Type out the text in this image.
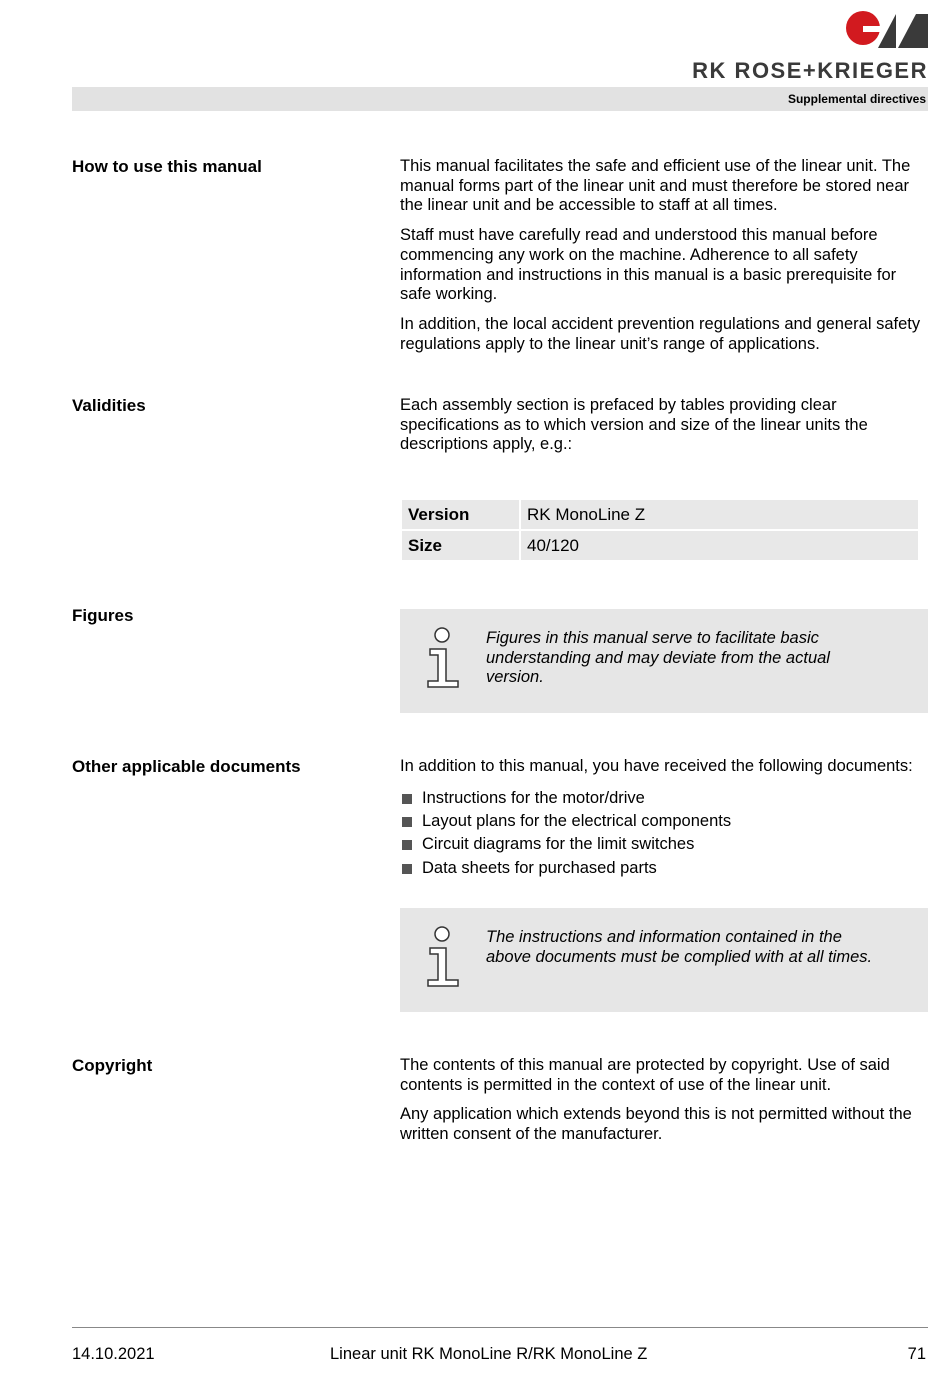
RK ROSE+KRIEGER
Supplemental directives
How to use this manual	This manual facilitates the safe and efficient use of the linear unit. The manual forms part of the linear unit and must therefore be stored near the linear unit and be accessible to staff at all times.

Staff must have carefully read and understood this manual before commencing any work on the machine. Adherence to all safety information and instructions in this manual is a basic prerequisite for safe working.

In addition, the local accident prevention regulations and general safety regulations apply to the linear unit’s range of applications.

Validities	Each assembly section is prefaced by tables providing clear specifications as to which version and size of the linear units the descriptions apply, e.g.:

Version	RK MonoLine Z
Size	40/120
Figures
Figures in this manual serve to facilitate basic understanding and may deviate from the actual version.
Other applicable documents	In addition to this manual, you have received the following documents:

Instructions for the motor/drive
Layout plans for the electrical components
Circuit diagrams for the limit switches
Data sheets for purchased parts
The instructions and information contained in the above documents must be complied with at all times.
Copyright	The contents of this manual are protected by copyright. Use of said contents is permitted in the context of use of the linear unit.

Any application which extends beyond this is not permitted without the written consent of the manufacturer.

14.10.2021	Linear unit RK MonoLine R/RK MonoLine Z	71
